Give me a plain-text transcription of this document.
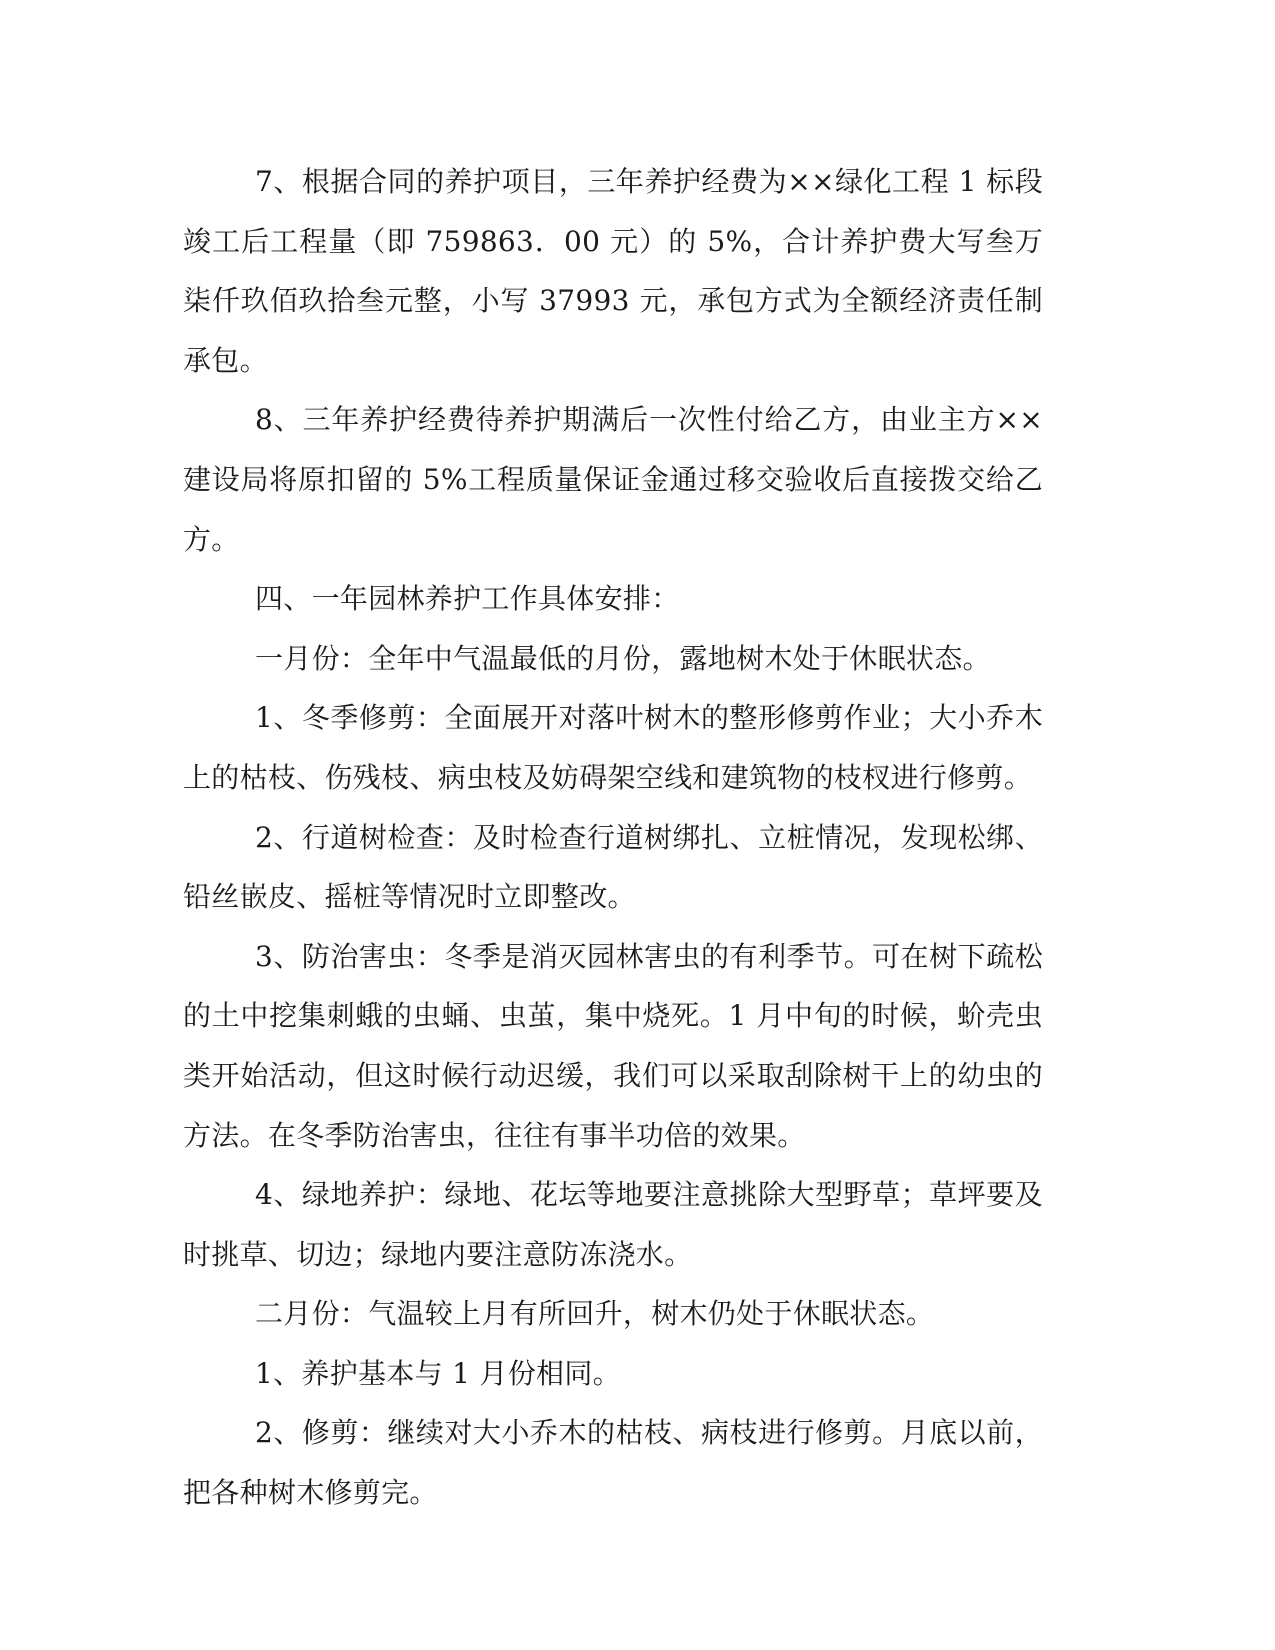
7、根据合同的养护项目，三年养护经费为××绿化工程 1 标段竣工后工程量（即 759863．00 元）的 5%，合计养护费大写叁万柒仟玖佰玖拾叁元整，小写 37993 元，承包方式为全额经济责任制承包。

8、三年养护经费待养护期满后一次性付给乙方，由业主方××建设局将原扣留的 5%工程质量保证金通过移交验收后直接拨交给乙方。

四、一年园林养护工作具体安排：

一月份：全年中气温最低的月份，露地树木处于休眠状态。

1、冬季修剪：全面展开对落叶树木的整形修剪作业；大小乔木上的枯枝、伤残枝、病虫枝及妨碍架空线和建筑物的枝杈进行修剪。

2、行道树检查：及时检查行道树绑扎、立桩情况，发现松绑、铅丝嵌皮、摇桩等情况时立即整改。

3、防治害虫：冬季是消灭园林害虫的有利季节。可在树下疏松的土中挖集刺蛾的虫蛹、虫茧，集中烧死。1 月中旬的时候，蚧壳虫类开始活动，但这时候行动迟缓，我们可以采取刮除树干上的幼虫的方法。在冬季防治害虫，往往有事半功倍的效果。

4、绿地养护：绿地、花坛等地要注意挑除大型野草；草坪要及时挑草、切边；绿地内要注意防冻浇水。

二月份：气温较上月有所回升，树木仍处于休眠状态。

1、养护基本与 1 月份相同。

2、修剪：继续对大小乔木的枯枝、病枝进行修剪。月底以前，把各种树木修剪完。
